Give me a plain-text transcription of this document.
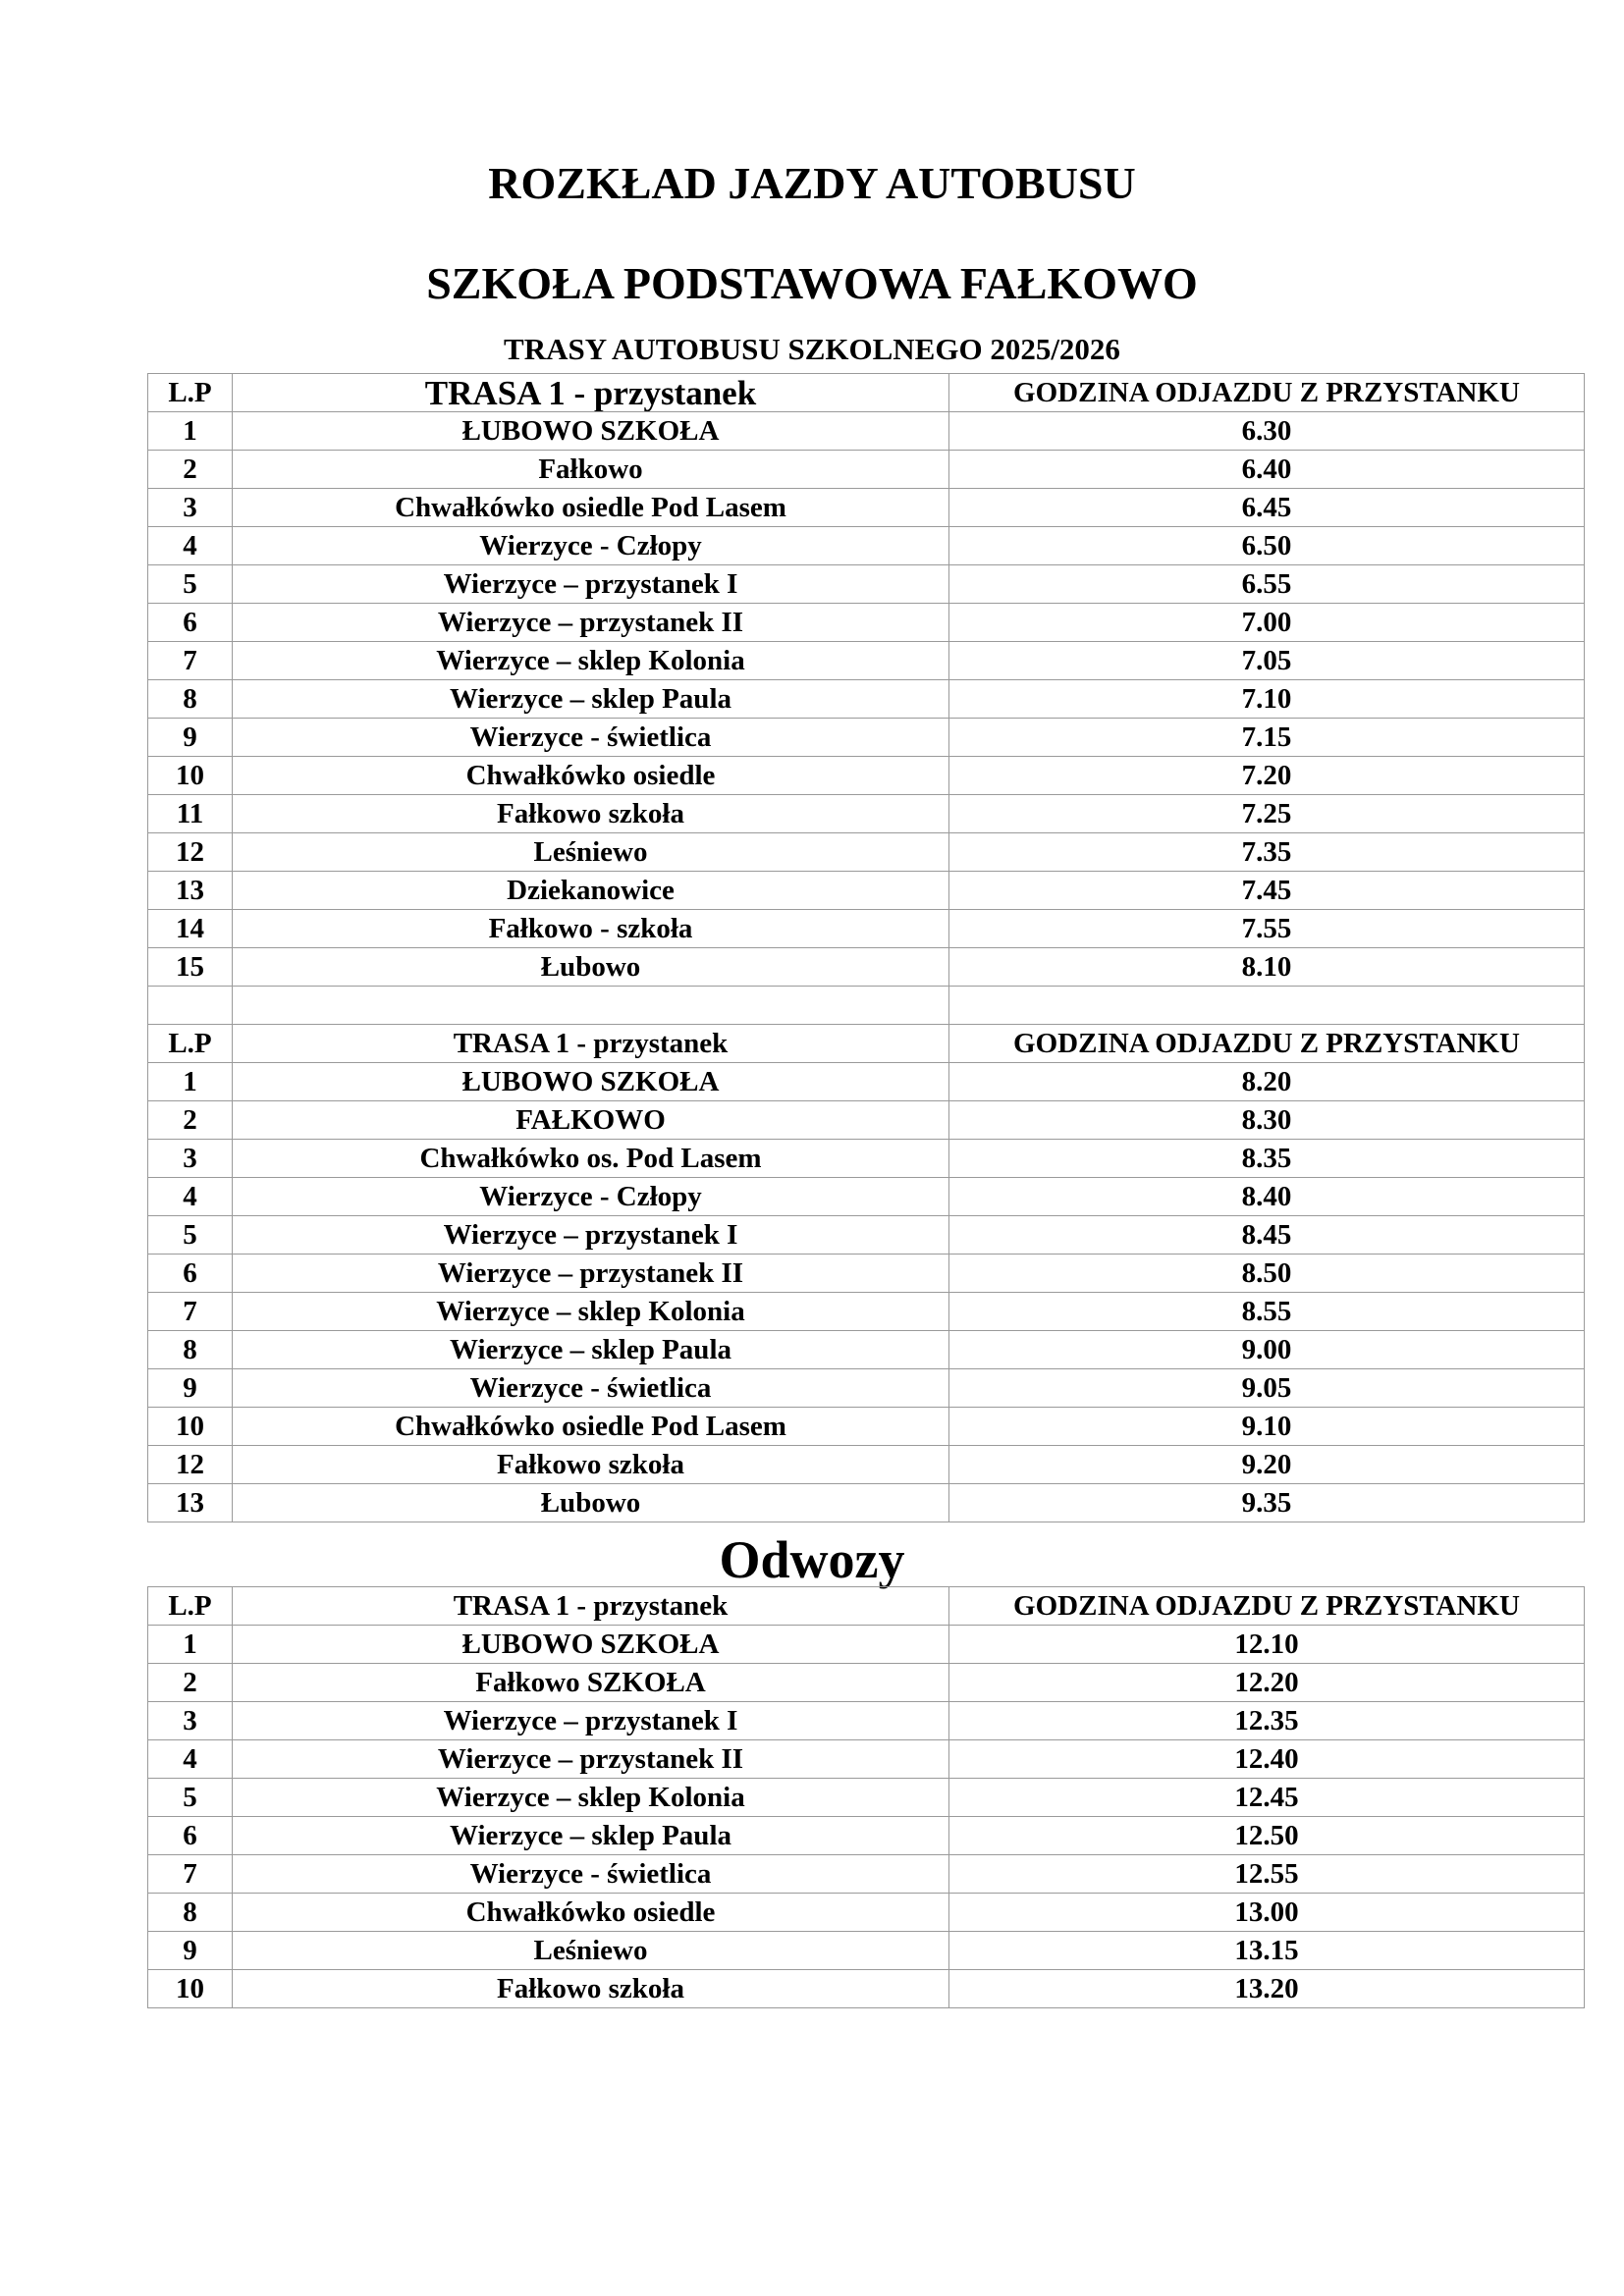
ROZKŁAD JAZDY AUTOBUSU
SZKOŁA PODSTAWOWA FAŁKOWO
TRASY AUTOBUSU SZKOLNEGO 2025/2026
L.P	TRASA 1 - przystanek	GODZINA ODJAZDU Z PRZYSTANKU
1	ŁUBOWO SZKOŁA	6.30
2	Fałkowo	6.40
3	Chwałkówko osiedle Pod Lasem	6.45
4	Wierzyce - Człopy	6.50
5	Wierzyce – przystanek I	6.55
6	Wierzyce – przystanek II	7.00
7	Wierzyce – sklep Kolonia	7.05
8	Wierzyce – sklep Paula	7.10
9	Wierzyce - świetlica	7.15
10	Chwałkówko osiedle	7.20
11	Fałkowo szkoła	7.25
12	Leśniewo	7.35
13	Dziekanowice	7.45
14	Fałkowo - szkoła	7.55
15	Łubowo	8.10

L.P	TRASA 1 - przystanek	GODZINA ODJAZDU Z PRZYSTANKU
1	ŁUBOWO SZKOŁA	8.20
2	FAŁKOWO	8.30
3	Chwałkówko os. Pod Lasem	8.35
4	Wierzyce - Człopy	8.40
5	Wierzyce – przystanek I	8.45
6	Wierzyce – przystanek II	8.50
7	Wierzyce – sklep Kolonia	8.55
8	Wierzyce – sklep Paula	9.00
9	Wierzyce - świetlica	9.05
10	Chwałkówko osiedle Pod Lasem	9.10
12	Fałkowo szkoła	9.20
13	Łubowo	9.35
Odwozy
L.P	TRASA 1 - przystanek	GODZINA ODJAZDU Z PRZYSTANKU
1	ŁUBOWO SZKOŁA	12.10
2	Fałkowo SZKOŁA	12.20
3	Wierzyce – przystanek I	12.35
4	Wierzyce – przystanek II	12.40
5	Wierzyce – sklep Kolonia	12.45
6	Wierzyce – sklep Paula	12.50
7	Wierzyce - świetlica	12.55
8	Chwałkówko osiedle	13.00
9	Leśniewo	13.15
10	Fałkowo szkoła	13.20
